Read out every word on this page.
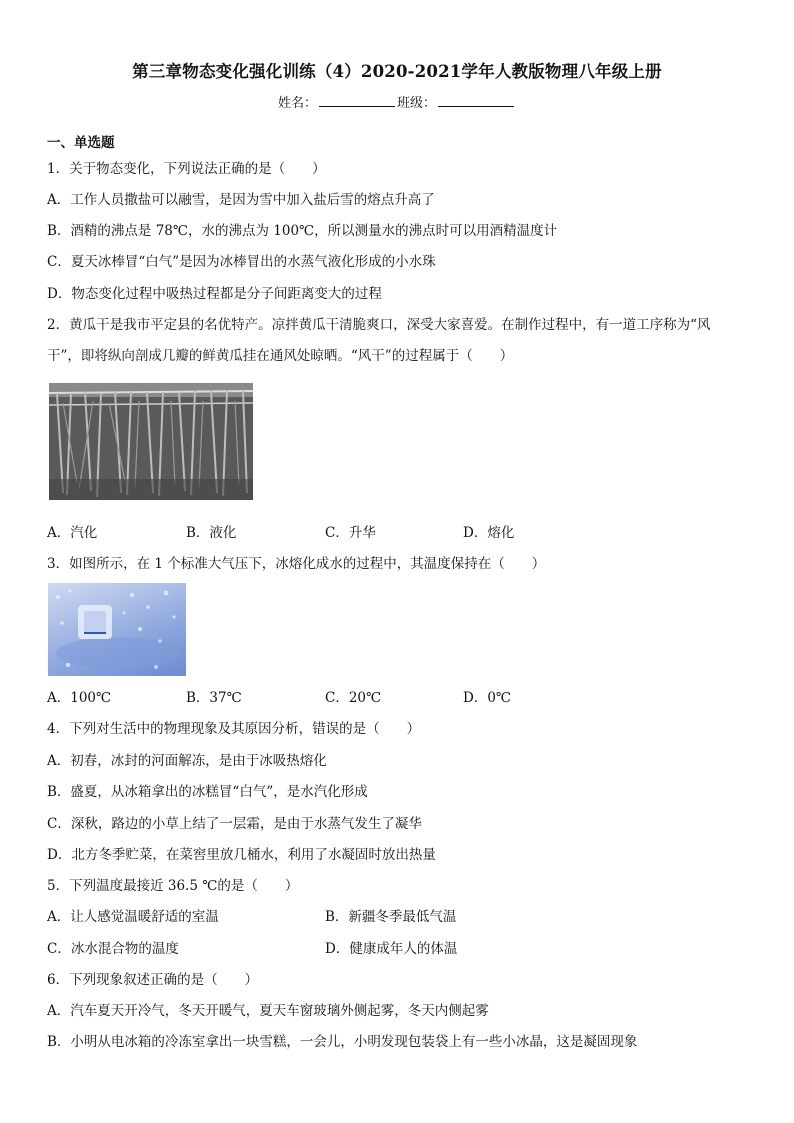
第三章物态变化强化训练（4）2020-2021学年人教版物理八年级上册
姓名：	班级：
一、单选题
1．关于物态变化，下列说法正确的是（　　）
A．工作人员撒盐可以融雪，是因为雪中加入盐后雪的熔点升高了
B．酒精的沸点是 78℃，水的沸点为 100℃，所以测量水的沸点时可以用酒精温度计
C．夏天冰棒冒“白气”是因为冰棒冒出的水蒸气液化形成的小水珠
D．物态变化过程中吸热过程都是分子间距离变大的过程
2．黄瓜干是我市平定县的名优特产。凉拌黄瓜干清脆爽口，深受大家喜爱。在制作过程中，有一道工序称为“风
干”，即将纵向剖成几瓣的鲜黄瓜挂在通风处晾晒。“风干”的过程属于（　　）
A．汽化	B．液化	C．升华	D．熔化
3．如图所示，在 1 个标准大气压下，冰熔化成水的过程中，其温度保持在（　　）
A．100℃	B．37℃	C．20℃	D．0℃
4．下列对生活中的物理现象及其原因分析，错误的是（　　）
A．初春，冰封的河面解冻，是由于冰吸热熔化
B．盛夏，从冰箱拿出的冰糕冒“白气”，是水汽化形成
C．深秋，路边的小草上结了一层霜，是由于水蒸气发生了凝华
D．北方冬季贮菜，在菜窖里放几桶水，利用了水凝固时放出热量
5．下列温度最接近 36.5 ℃的是（　　）
A．让人感觉温暖舒适的室温	B．新疆冬季最低气温
C．冰水混合物的温度	D．健康成年人的体温
6．下列现象叙述正确的是（　　）
A．汽车夏天开冷气，冬天开暖气，夏天车窗玻璃外侧起雾，冬天内侧起雾
B．小明从电冰箱的冷冻室拿出一块雪糕，一会儿，小明发现包装袋上有一些小冰晶，这是凝固现象
